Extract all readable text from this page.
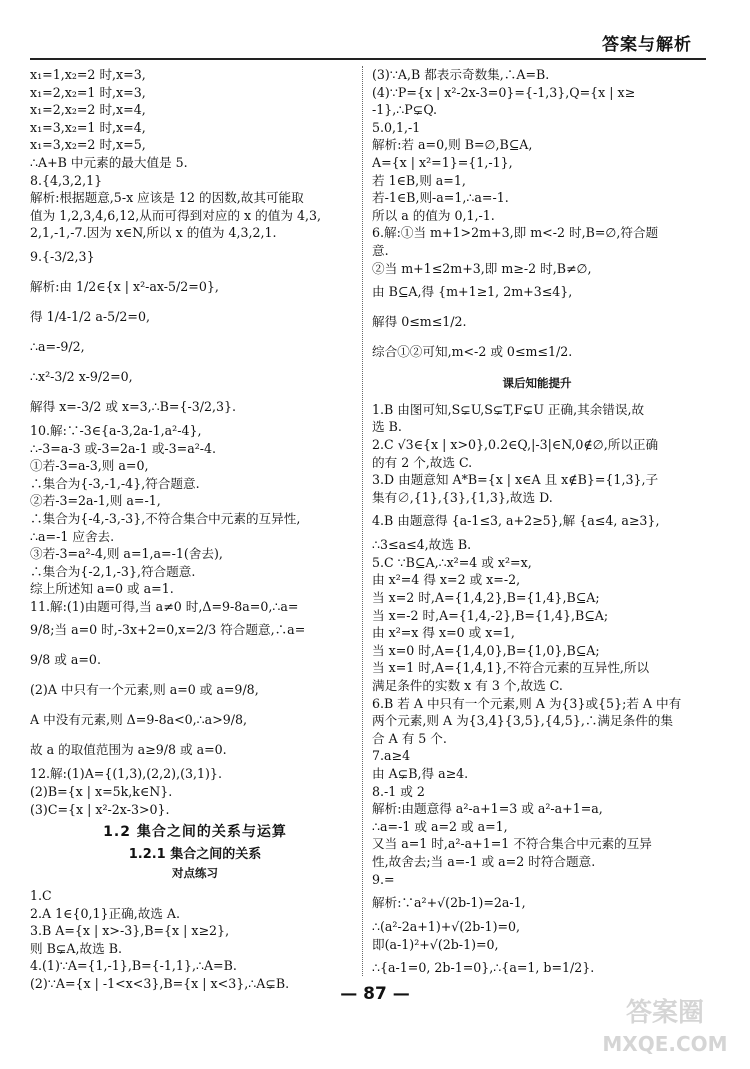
答案与解析
x₁=1,x₂=2 时,x=3,
x₁=2,x₂=1 时,x=3,
x₁=2,x₂=2 时,x=4,
x₁=3,x₂=1 时,x=4,
x₁=3,x₂=2 时,x=5,
∴A+B 中元素的最大值是 5.
8.{4,3,2,1}
解析:根据题意,5-x 应该是 12 的因数,故其可能取
值为 1,2,3,4,6,12,从而可得到对应的 x 的值为 4,3,
2,1,-1,-7.因为 x∈N,所以 x 的值为 4,3,2,1.
9.{-3/2,3}
解析:由 1/2∈{x | x²-ax-5/2=0},
得 1/4-1/2 a-5/2=0,
∴a=-9/2,
∴x²-3/2 x-9/2=0,
解得 x=-3/2 或 x=3,∴B={-3/2,3}.
10.解:∵-3∈{a-3,2a-1,a²-4},
∴-3=a-3 或-3=2a-1 或-3=a²-4.
①若-3=a-3,则 a=0,
∴集合为{-3,-1,-4},符合题意.
②若-3=2a-1,则 a=-1,
∴集合为{-4,-3,-3},不符合集合中元素的互异性,
∴a=-1 应舍去.
③若-3=a²-4,则 a=1,a=-1(舍去),
∴集合为{-2,1,-3},符合题意.
综上所述知 a=0 或 a=1.
11.解:(1)由题可得,当 a≠0 时,Δ=9-8a=0,∴a=
9/8;当 a=0 时,-3x+2=0,x=2/3 符合题意,∴a=
9/8 或 a=0.
(2)A 中只有一个元素,则 a=0 或 a=9/8,
A 中没有元素,则 Δ=9-8a<0,∴a>9/8,
故 a 的取值范围为 a≥9/8 或 a=0.
12.解:(1)A={(1,3),(2,2),(3,1)}.
(2)B={x | x=5k,k∈N}.
(3)C={x | x²-2x-3>0}.
1.2 集合之间的关系与运算
1.2.1 集合之间的关系
对点练习
1.C
2.A 1∈{0,1}正确,故选 A.
3.B A={x | x>-3},B={x | x≥2},
则 B⊊A,故选 B.
4.(1)∵A={1,-1},B={-1,1},∴A=B.
(2)∵A={x | -1<x<3},B={x | x<3},∴A⊊B.
(3)∵A,B 都表示奇数集,∴A=B.
(4)∵P={x | x²-2x-3=0}={-1,3},Q={x | x≥
-1},∴P⊊Q.
5.0,1,-1
解析:若 a=0,则 B=∅,B⊆A,
A={x | x²=1}={1,-1},
若 1∈B,则 a=1,
若-1∈B,则-a=1,∴a=-1.
所以 a 的值为 0,1,-1.
6.解:①当 m+1>2m+3,即 m<-2 时,B=∅,符合题
意.
②当 m+1≤2m+3,即 m≥-2 时,B≠∅,
由 B⊆A,得 {m+1≥1, 2m+3≤4},
解得 0≤m≤1/2.
综合①②可知,m<-2 或 0≤m≤1/2.
课后知能提升
1.B 由图可知,S⊊U,S⊊T,F⊊U 正确,其余错误,故
选 B.
2.C √3∈{x | x>0},0.2∈Q,|-3|∈N,0∉∅,所以正确
的有 2 个,故选 C.
3.D 由题意知 A*B={x | x∈A 且 x∉B}={1,3},子
集有∅,{1},{3},{1,3},故选 D.
4.B 由题意得 {a-1≤3, a+2≥5},解 {a≤4, a≥3},
∴3≤a≤4,故选 B.
5.C ∵B⊆A,∴x²=4 或 x²=x,
由 x²=4 得 x=2 或 x=-2,
当 x=2 时,A={1,4,2},B={1,4},B⊆A;
当 x=-2 时,A={1,4,-2},B={1,4},B⊆A;
由 x²=x 得 x=0 或 x=1,
当 x=0 时,A={1,4,0},B={1,0},B⊆A;
当 x=1 时,A={1,4,1},不符合元素的互异性,所以
满足条件的实数 x 有 3 个,故选 C.
6.B 若 A 中只有一个元素,则 A 为{3}或{5};若 A 中有
两个元素,则 A 为{3,4}{3,5},{4,5},∴满足条件的集
合 A 有 5 个.
7.a≥4
由 A⊊B,得 a≥4.
8.-1 或 2
解析:由题意得 a²-a+1=3 或 a²-a+1=a,
∴a=-1 或 a=2 或 a=1,
又当 a=1 时,a²-a+1=1 不符合集合中元素的互异
性,故舍去;当 a=-1 或 a=2 时符合题意.
9.=
解析:∵a²+√(2b-1)=2a-1,
∴(a²-2a+1)+√(2b-1)=0,
即(a-1)²+√(2b-1)=0,
∴{a-1=0, 2b-1=0},∴{a=1, b=1/2}.
— 87 —
答案圈
MXQE.COM
